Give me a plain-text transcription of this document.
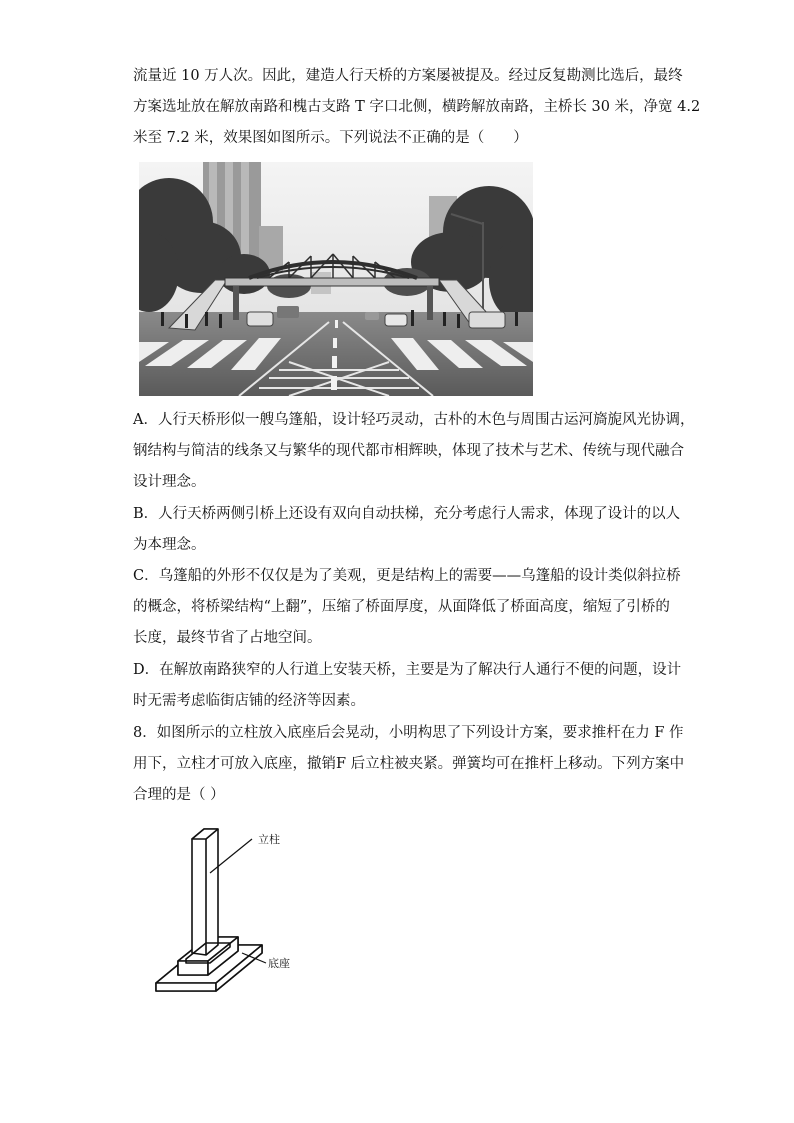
流量近 10 万人次。因此，建造人行天桥的方案屡被提及。经过反复勘测比选后，最终
方案选址放在解放南路和槐古支路 T 字口北侧，横跨解放南路，主桥长 30 米，净宽 4.2
米至 7.2 米，效果图如图所示。下列说法不正确的是（　　）
A．人行天桥形似一艘乌篷船，设计轻巧灵动，古朴的木色与周围古运河旖旎风光协调，
钢结构与简洁的线条又与繁华的现代都市相辉映，体现了技术与艺术、传统与现代融合
设计理念。
B．人行天桥两侧引桥上还设有双向自动扶梯，充分考虑行人需求，体现了设计的以人
为本理念。
C．乌篷船的外形不仅仅是为了美观，更是结构上的需要——乌篷船的设计类似斜拉桥
的概念，将桥梁结构“上翻”，压缩了桥面厚度，从面降低了桥面高度，缩短了引桥的
长度，最终节省了占地空间。
D．在解放南路狭窄的人行道上安装天桥，主要是为了解决行人通行不便的问题，设计
时无需考虑临街店铺的经济等因素。
8．如图所示的立柱放入底座后会晃动，小明构思了下列设计方案，要求推杆在力 F 作
用下，立柱才可放入底座，撤销F 后立柱被夹紧。弹簧均可在推杆上移动。下列方案中
合理的是（ ）
立柱
底座
